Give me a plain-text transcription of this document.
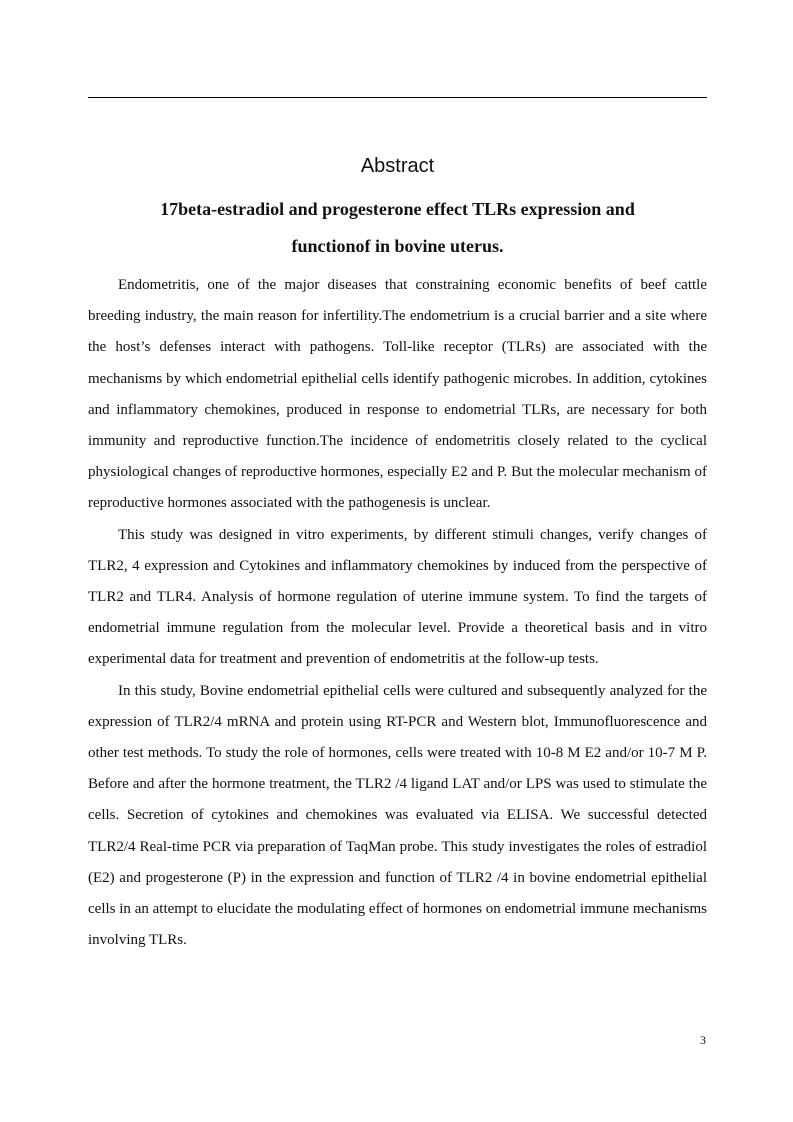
Abstract
17beta-estradiol and progesterone effect TLRs expression and
functionof in bovine uterus.

Endometritis, one of the major diseases that constraining economic benefits of beef cattle breeding industry, the main reason for infertility.The endometrium is a crucial barrier and a site where the host’s defenses interact with pathogens. Toll-like receptor (TLRs) are associated with the mechanisms by which endometrial epithelial cells identify pathogenic microbes. In addition, cytokines and inflammatory chemokines, produced in response to endometrial TLRs, are necessary for both immunity and reproductive function.The incidence of endometritis closely related to the cyclical physiological changes of reproductive hormones, especially E2 and P. But the molecular mechanism of reproductive hormones associated with the pathogenesis is unclear.

This study was designed in vitro experiments, by different stimuli changes, verify changes of TLR2, 4 expression and Cytokines and inflammatory chemokines by induced from the perspective of TLR2 and TLR4. Analysis of hormone regulation of uterine immune system. To find the targets of endometrial immune regulation from the molecular level. Provide a theoretical basis and in vitro experimental data for treatment and prevention of endometritis at the follow-up tests.

In this study, Bovine endometrial epithelial cells were cultured and subsequently analyzed for the expression of TLR2/4 mRNA and protein using RT-PCR and Western blot, Immunofluorescence and other test methods. To study the role of hormones, cells were treated with 10-8 M E2 and/or 10-7 M P. Before and after the hormone treatment, the TLR2 /4 ligand LAT and/or LPS was used to stimulate the cells. Secretion of cytokines and chemokines was evaluated via ELISA. We successful detected TLR2/4 Real-time PCR via preparation of TaqMan probe. This study investigates the roles of estradiol (E2) and progesterone (P) in the expression and function of TLR2 /4 in bovine endometrial epithelial cells in an attempt to elucidate the modulating effect of hormones on endometrial immune mechanisms involving TLRs.

3
